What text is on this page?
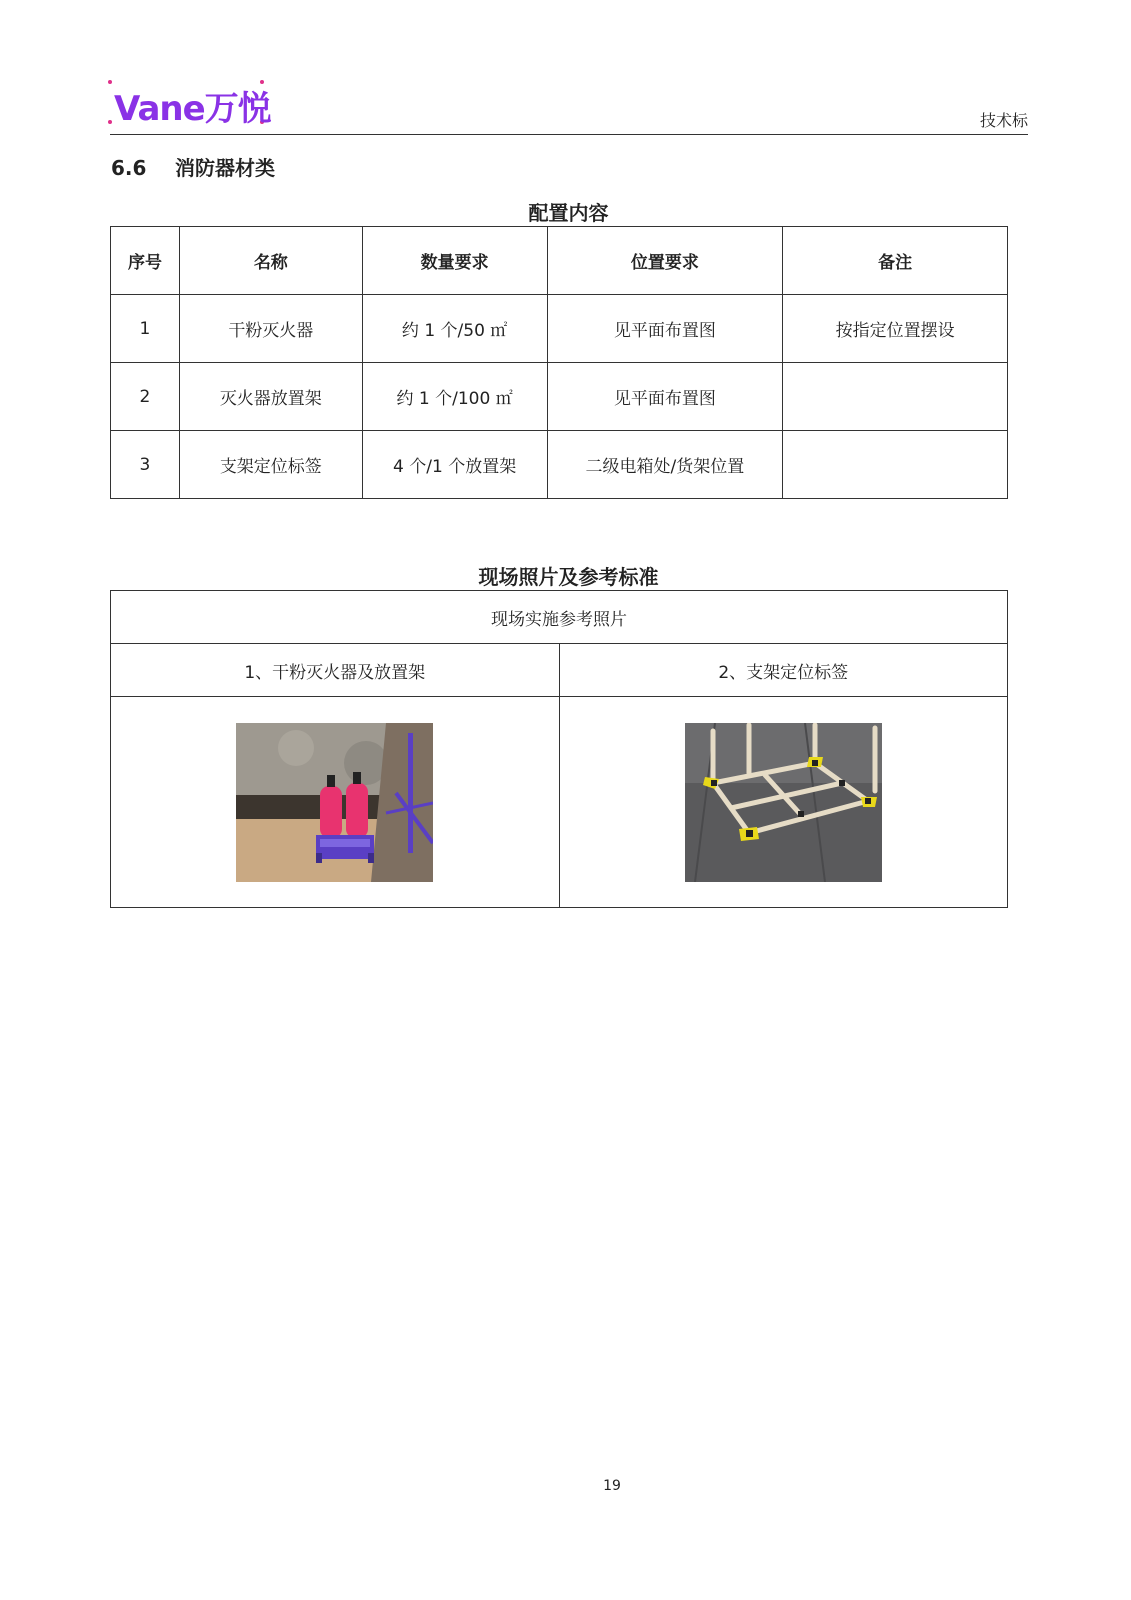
Vane万悦	技术标
6.6 消防器材类
配置内容
序号	名称	数量要求	位置要求	备注
1	干粉灭火器	约 1 个/50 ㎡	见平面布置图	按指定位置摆设
2	灭火器放置架	约 1 个/100 ㎡	见平面布置图	
3	支架定位标签	4 个/1 个放置架	二级电箱处/货架位置	
现场照片及参考标准
现场实施参考照片	
1、干粉灭火器及放置架	2、支架定位标签

19
